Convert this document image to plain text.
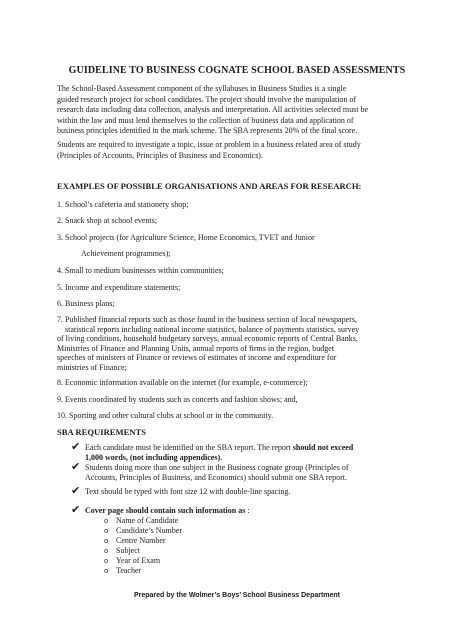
GUIDELINE TO BUSINESS COGNATE SCHOOL BASED ASSESSMENTS
The School-Based Assessment component of the syllabuses in Business Studies is a single
guided research project for school candidates. The project should involve the manipulation of
research data including data collection, analysis and interpretation. All activities selected must be
within the law and must lend themselves to the collection of business data and application of
business principles identified in the mark scheme. The SBA represents 20% of the final score.
Students are required to investigate a topic, issue or problem in a business related area of study
(Principles of Accounts, Principles of Business and Economics).
EXAMPLES OF POSSIBLE ORGANISATIONS AND AREAS FOR RESEARCH:
1. School’s cafeteria and stationery shop;
2. Snack shop at school events;
3. School projects (for Agriculture Science, Home Economics, TVET and Junior
Achievement programmes);
4. Small to medium businesses within communities;
5. Income and expenditure statements;
6. Business plans;
7. Published financial reports such as those found in the business section of local newspapers,
statistical reports including national income statistics, balance of payments statistics, survey
of living conditions, household budgetary surveys, annual economic reports of Central Banks,
Ministries of Finance and Planning Units, annual reports of firms in the region, budget
speeches of ministers of Finance or reviews of estimates of income and expenditure for
ministries of Finance;
8. Economic information available on the internet (for example, e-commerce);
9. Events coordinated by students such as concerts and fashion shows; and,
10. Sporting and other cultural clubs at school or in the community.
SBA REQUIREMENTS
✔ Each candidate must be identified on the SBA report. The report should not exceed
1,000 words, (not including appendices).
✔ Students doing more than one subject in the Business cognate group (Principles of
Accounts, Principles of Business, and Economics) should submit one SBA report.
✔ Text should be typed with font size 12 with double-line spacing.
✔ Cover page should contain such information as :
o Name of Candidate
o Candidate’s Number
o Centre Number
o Subject
o Year of Exam
o Teacher
Prepared by the Wolmer’s Boys’ School Business Department
